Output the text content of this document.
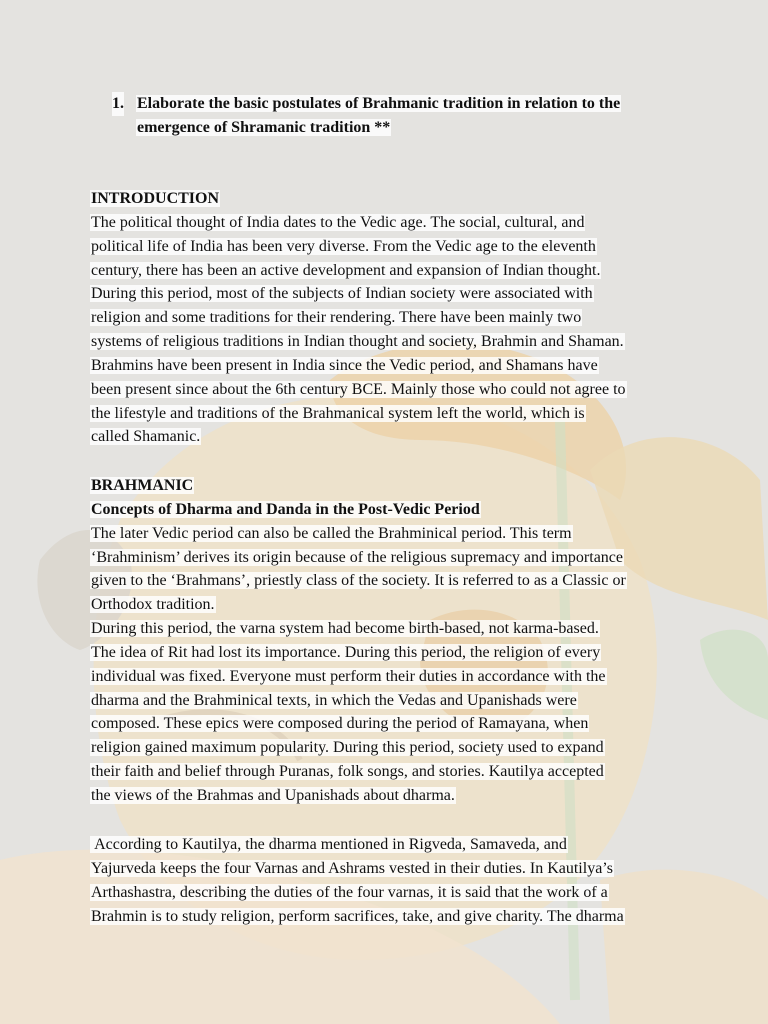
1. Elaborate the basic postulates of Brahmanic tradition in relation to the
emergence of Shramanic tradition **
INTRODUCTION
The political thought of India dates to the Vedic age. The social, cultural, and
political life of India has been very diverse. From the Vedic age to the eleventh
century, there has been an active development and expansion of Indian thought.
During this period, most of the subjects of Indian society were associated with
religion and some traditions for their rendering. There have been mainly two
systems of religious traditions in Indian thought and society, Brahmin and Shaman.
Brahmins have been present in India since the Vedic period, and Shamans have
been present since about the 6th century BCE. Mainly those who could not agree to
the lifestyle and traditions of the Brahmanical system left the world, which is
called Shamanic.
BRAHMANIC
Concepts of Dharma and Danda in the Post-Vedic Period
The later Vedic period can also be called the Brahminical period. This term
‘Brahminism’ derives its origin because of the religious supremacy and importance
given to the ‘Brahmans’, priestly class of the society. It is referred to as a Classic or
Orthodox tradition.
During this period, the varna system had become birth-based, not karma-based.
The idea of Rit had lost its importance. During this period, the religion of every
individual was fixed. Everyone must perform their duties in accordance with the
dharma and the Brahminical texts, in which the Vedas and Upanishads were
composed. These epics were composed during the period of Ramayana, when
religion gained maximum popularity. During this period, society used to expand
their faith and belief through Puranas, folk songs, and stories. Kautilya accepted
the views of the Brahmas and Upanishads about dharma.
According to Kautilya, the dharma mentioned in Rigveda, Samaveda, and
Yajurveda keeps the four Varnas and Ashrams vested in their duties. In Kautilya’s
Arthashastra, describing the duties of the four varnas, it is said that the work of a
Brahmin is to study religion, perform sacrifices, take, and give charity. The dharma
